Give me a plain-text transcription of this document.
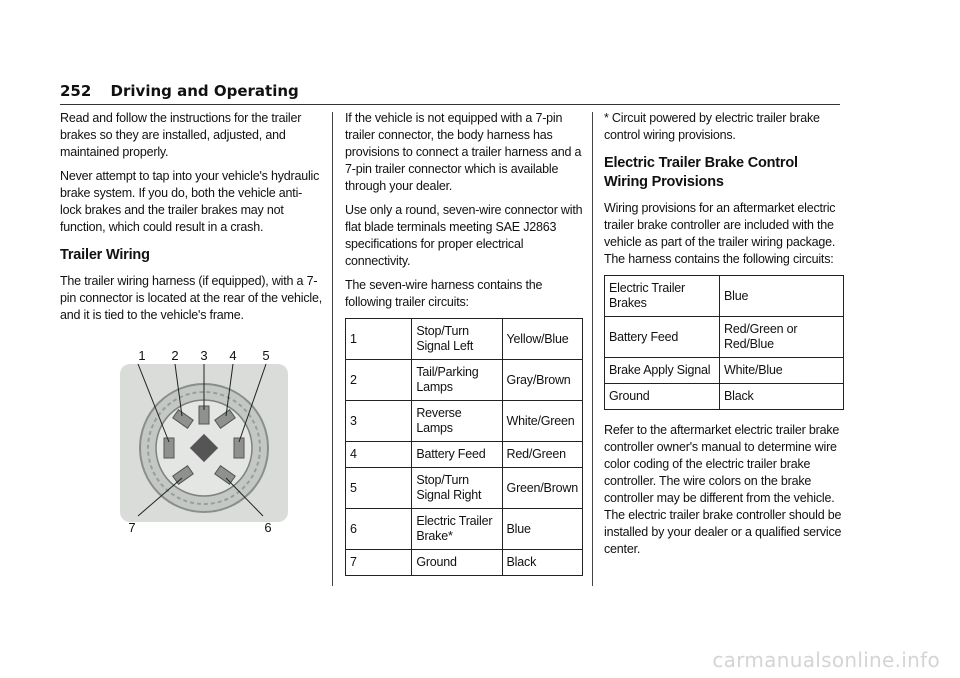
252 Driving and Operating

Read and follow the instructions for the trailer brakes so they are installed, adjusted, and maintained properly.

Never attempt to tap into your vehicle's hydraulic brake system. If you do, both the vehicle anti-lock brakes and the trailer brakes may not function, which could result in a crash.

Trailer Wiring

The trailer wiring harness (if equipped), with a 7-pin connector is located at the rear of the vehicle, and it is tied to the vehicle's frame.

1 2 3 4 5
6
7

If the vehicle is not equipped with a 7-pin trailer connector, the body harness has provisions to connect a trailer harness and a 7-pin trailer connector which is available through your dealer.

Use only a round, seven-wire connector with flat blade terminals meeting SAE J2863 specifications for proper electrical connectivity.

The seven-wire harness contains the following trailer circuits:

1	Stop/Turn Signal Left	Yellow/Blue
2	Tail/Parking Lamps	Gray/Brown
3	Reverse Lamps	White/Green
4	Battery Feed	Red/Green
5	Stop/Turn Signal Right	Green/Brown
6	Electric Trailer Brake*	Blue
7	Ground	Black

* Circuit powered by electric trailer brake control wiring provisions.

Electric Trailer Brake Control Wiring Provisions

Wiring provisions for an aftermarket electric trailer brake controller are included with the vehicle as part of the trailer wiring package. The harness contains the following circuits:

Electric Trailer Brakes	Blue
Battery Feed	Red/Green or Red/Blue
Brake Apply Signal	White/Blue
Ground	Black

Refer to the aftermarket electric trailer brake controller owner's manual to determine wire color coding of the electric trailer brake controller. The wire colors on the brake controller may be different from the vehicle. The electric trailer brake controller should be installed by your dealer or a qualified service center.

carmanualsonline.info
